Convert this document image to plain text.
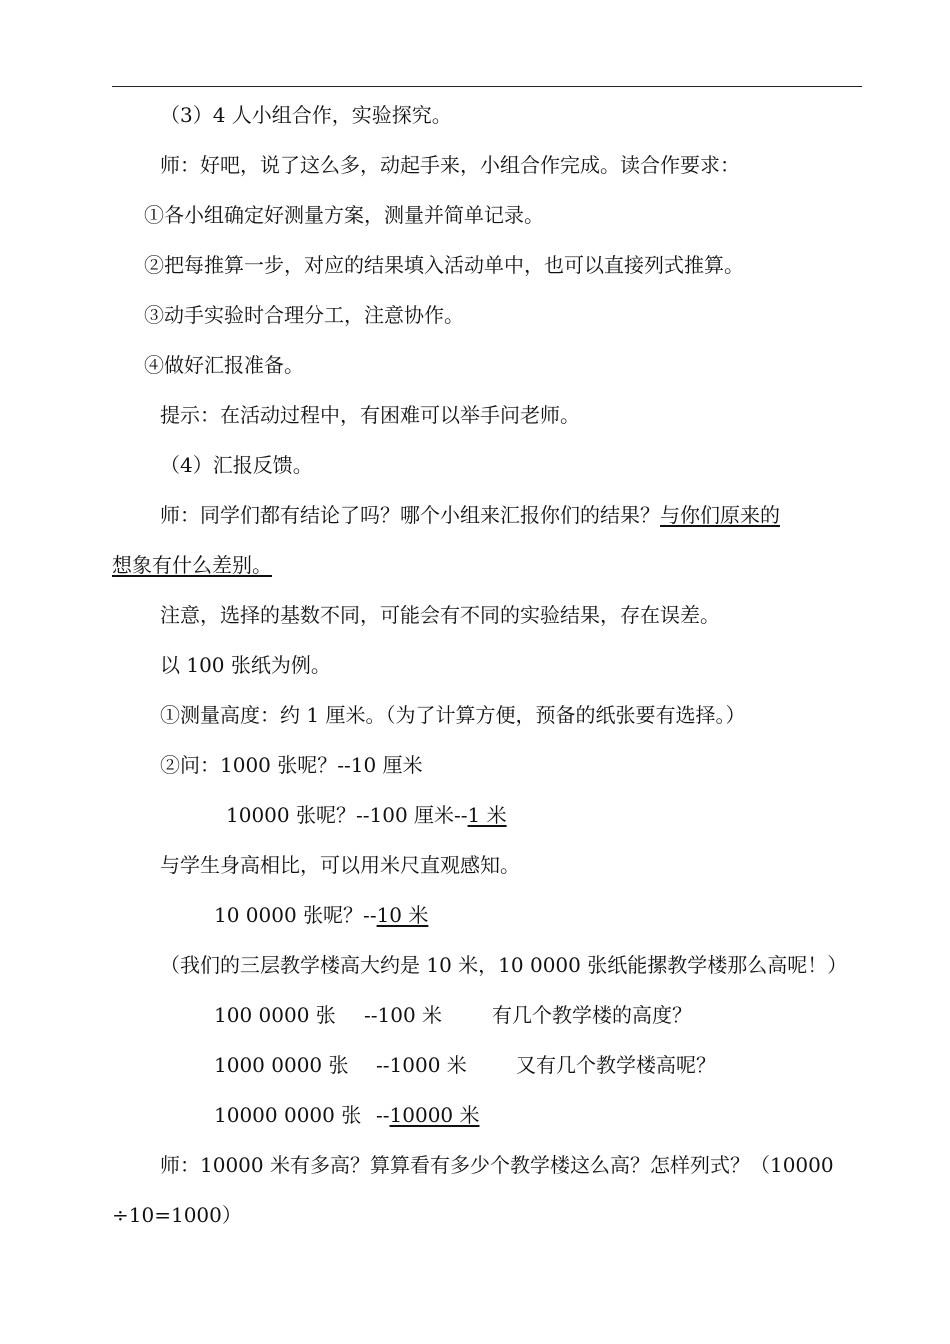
（3）4 人小组合作，实验探究。
师：好吧，说了这么多，动起手来，小组合作完成。读合作要求：
①各小组确定好测量方案，测量并简单记录。
②把每推算一步，对应的结果填入活动单中，也可以直接列式推算。
③动手实验时合理分工，注意协作。
④做好汇报准备。
提示：在活动过程中，有困难可以举手问老师。
（4）汇报反馈。
师：同学们都有结论了吗？哪个小组来汇报你们的结果？与你们原来的
想象有什么差别。
注意，选择的基数不同，可能会有不同的实验结果，存在误差。
以 100 张纸为例。
①测量高度：约 1 厘米。（为了计算方便，预备的纸张要有选择。）
②问：1000 张呢？--10 厘米
10000 张呢？--100 厘米--1 米
与学生身高相比，可以用米尺直观感知。
10 0000 张呢？--10 米
（我们的三层教学楼高大约是 10 米，10 0000 张纸能摞教学楼那么高呢！）
100 0000 张 --100 米 有几个教学楼的高度？
1000 0000 张 --1000 米 又有几个教学楼高呢？
10000 0000 张 --10000 米
师：10000 米有多高？算算看有多少个教学楼这么高？怎样列式？（10000
÷10=1000）
